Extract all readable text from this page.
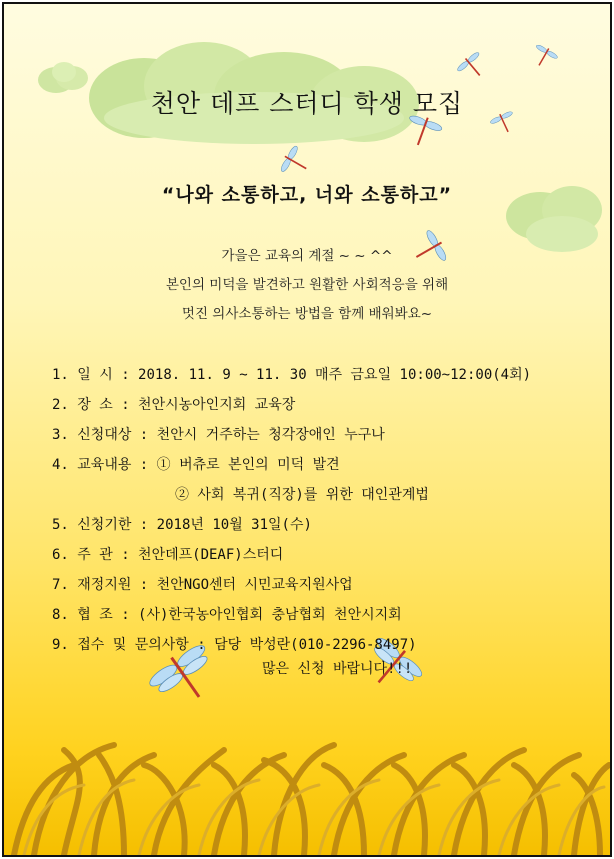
천안 데프 스터디 학생 모집
“나와 소통하고, 너와 소통하고”
가을은 교육의 계절 ~ ~ ^^
본인의 미덕을 발견하고 원활한 사회적응을 위해
멋진 의사소통하는 방법을 함께 배워봐요~
1. 일 시 : 2018. 11. 9 ~ 11. 30 매주 금요일 10:00~12:00(4회)
2. 장 소 : 천안시농아인지회 교육장
3. 신청대상 : 천안시 거주하는 청각장애인 누구나
4. 교육내용 : ① 버츄로 본인의 미덕 발견
② 사회 복귀(직장)를 위한 대인관계법
5. 신청기한 : 2018년 10월 31일(수)
6. 주 관 : 천안데프(DEAF)스터디
7. 재정지원 : 천안NGO센터 시민교육지원사업
8. 협 조 : (사)한국농아인협회 충남협회 천안시지회
9. 접수 및 문의사항 : 담당 박성란(010-2296-8497)
많은 신청 바랍니다!!!
